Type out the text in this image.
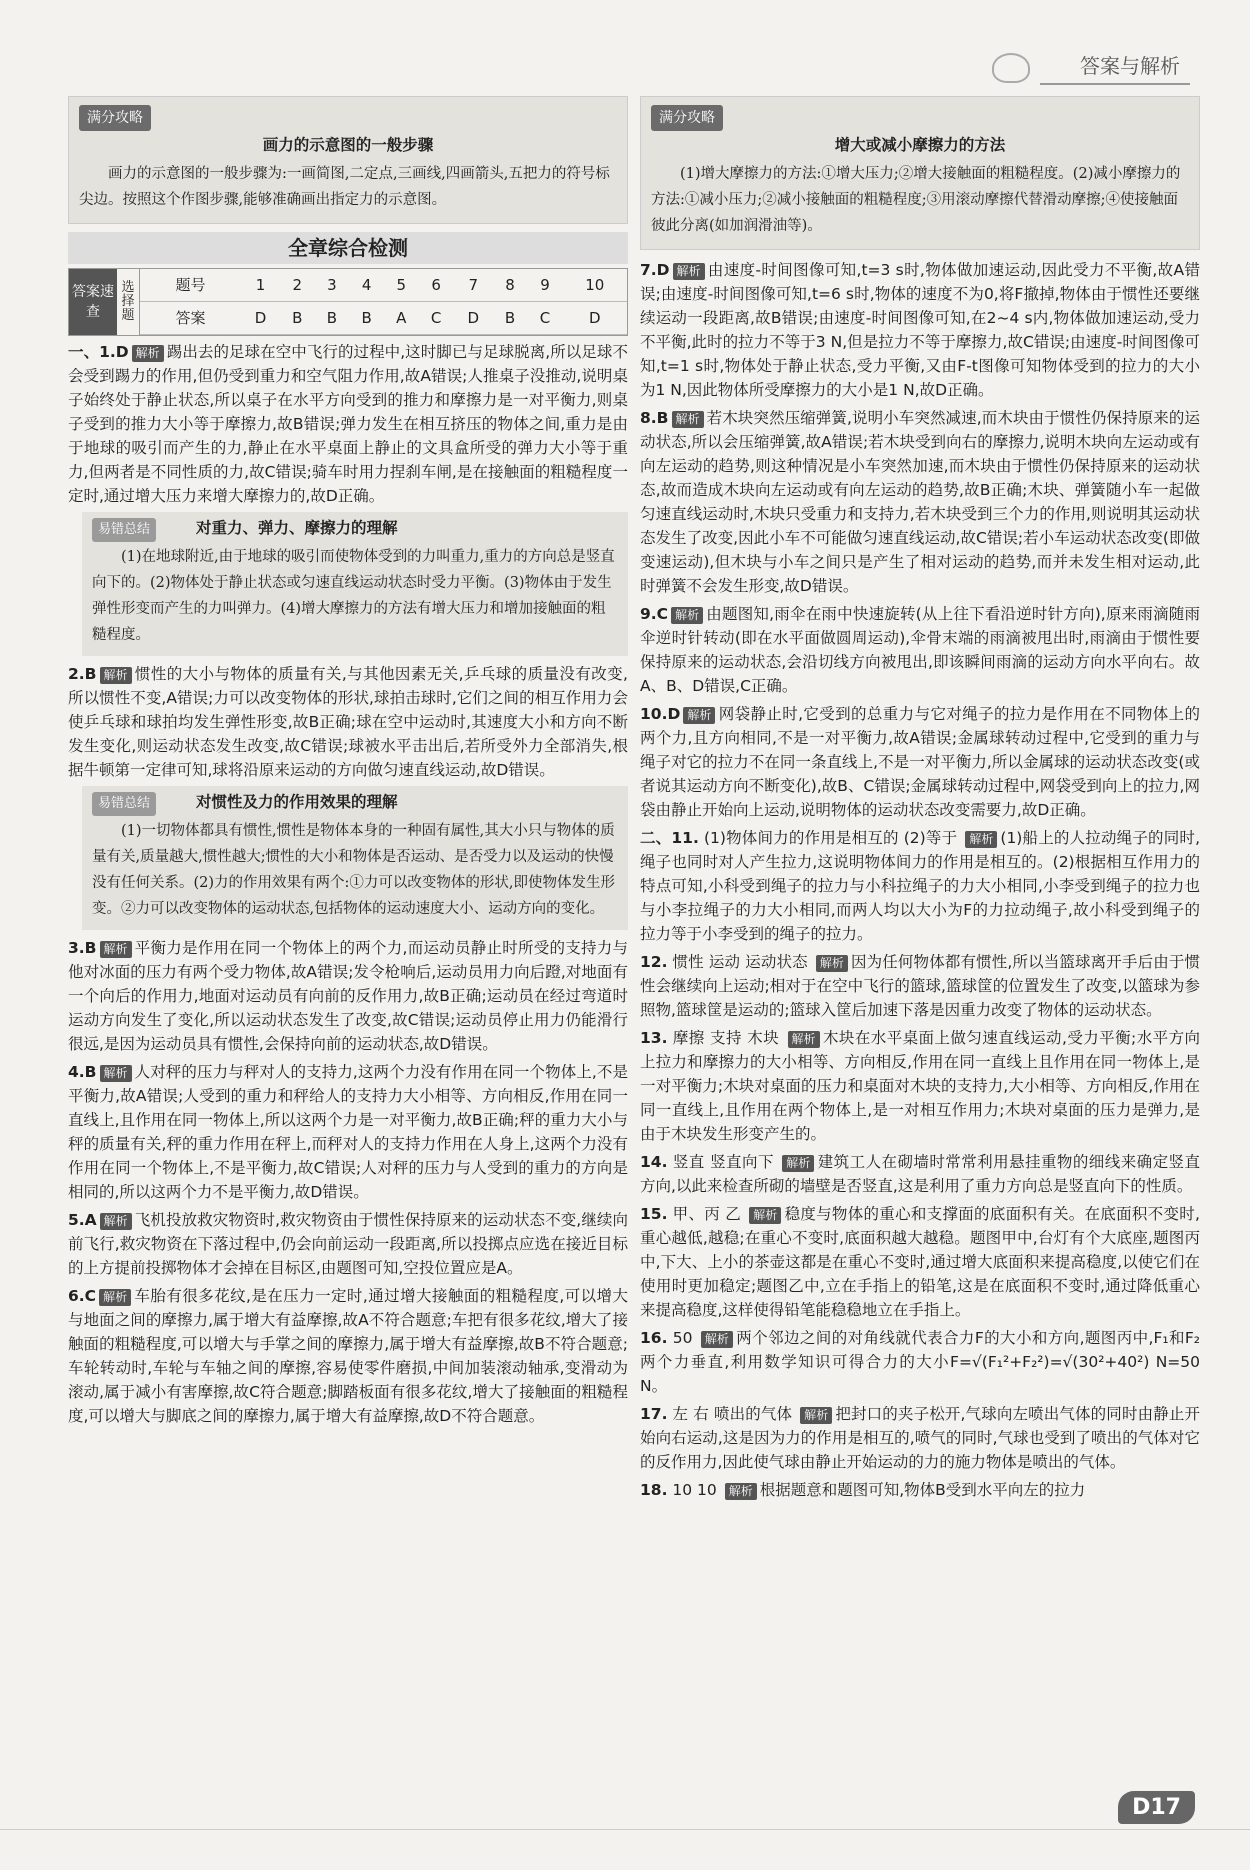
答案与解析
满分攻略

画力的示意图的一般步骤

画力的示意图的一般步骤为:一画简图,二定点,三画线,四画箭头,五把力的符号标尖边。按照这个作图步骤,能够准确画出指定力的示意图。

全章综合检测
答案速查
选择题
题号	1	2	3	4	5	6	7	8	9	10
答案	D	B	B	B	A	C	D	B	C	D

一、1.D 解析 踢出去的足球在空中飞行的过程中,这时脚已与足球脱离,所以足球不会受到踢力的作用,但仍受到重力和空气阻力作用,故A错误;人推桌子没推动,说明桌子始终处于静止状态,所以桌子在水平方向受到的推力和摩擦力是一对平衡力,则桌子受到的推力大小等于摩擦力,故B错误;弹力发生在相互挤压的物体之间,重力是由于地球的吸引而产生的力,静止在水平桌面上静止的文具盒所受的弹力大小等于重力,但两者是不同性质的力,故C错误;骑车时用力捏刹车闸,是在接触面的粗糙程度一定时,通过增大压力来增大摩擦力的,故D正确。

易错总结	对重力、弹力、摩擦力的理解

(1)在地球附近,由于地球的吸引而使物体受到的力叫重力,重力的方向总是竖直向下的。(2)物体处于静止状态或匀速直线运动状态时受力平衡。(3)物体由于发生弹性形变而产生的力叫弹力。(4)增大摩擦力的方法有增大压力和增加接触面的粗糙程度。

2.B 解析 惯性的大小与物体的质量有关,与其他因素无关,乒乓球的质量没有改变,所以惯性不变,A错误;力可以改变物体的形状,球拍击球时,它们之间的相互作用力会使乒乓球和球拍均发生弹性形变,故B正确;球在空中运动时,其速度大小和方向不断发生变化,则运动状态发生改变,故C错误;球被水平击出后,若所受外力全部消失,根据牛顿第一定律可知,球将沿原来运动的方向做匀速直线运动,故D错误。

易错总结	对惯性及力的作用效果的理解

(1)一切物体都具有惯性,惯性是物体本身的一种固有属性,其大小只与物体的质量有关,质量越大,惯性越大;惯性的大小和物体是否运动、是否受力以及运动的快慢没有任何关系。(2)力的作用效果有两个:①力可以改变物体的形状,即使物体发生形变。②力可以改变物体的运动状态,包括物体的运动速度大小、运动方向的变化。

3.B 解析 平衡力是作用在同一个物体上的两个力,而运动员静止时所受的支持力与他对冰面的压力有两个受力物体,故A错误;发令枪响后,运动员用力向后蹬,对地面有一个向后的作用力,地面对运动员有向前的反作用力,故B正确;运动员在经过弯道时运动方向发生了变化,所以运动状态发生了改变,故C错误;运动员停止用力仍能滑行很远,是因为运动员具有惯性,会保持向前的运动状态,故D错误。

4.B 解析 人对秤的压力与秤对人的支持力,这两个力没有作用在同一个物体上,不是平衡力,故A错误;人受到的重力和秤给人的支持力大小相等、方向相反,作用在同一直线上,且作用在同一物体上,所以这两个力是一对平衡力,故B正确;秤的重力大小与秤的质量有关,秤的重力作用在秤上,而秤对人的支持力作用在人身上,这两个力没有作用在同一个物体上,不是平衡力,故C错误;人对秤的压力与人受到的重力的方向是相同的,所以这两个力不是平衡力,故D错误。

5.A 解析 飞机投放救灾物资时,救灾物资由于惯性保持原来的运动状态不变,继续向前飞行,救灾物资在下落过程中,仍会向前运动一段距离,所以投掷点应选在接近目标的上方提前投掷物体才会掉在目标区,由题图可知,空投位置应是A。

6.C 解析 车胎有很多花纹,是在压力一定时,通过增大接触面的粗糙程度,可以增大与地面之间的摩擦力,属于增大有益摩擦,故A不符合题意;车把有很多花纹,增大了接触面的粗糙程度,可以增大与手掌之间的摩擦力,属于增大有益摩擦,故B不符合题意;车轮转动时,车轮与车轴之间的摩擦,容易使零件磨损,中间加装滚动轴承,变滑动为滚动,属于减小有害摩擦,故C符合题意;脚踏板面有很多花纹,增大了接触面的粗糙程度,可以增大与脚底之间的摩擦力,属于增大有益摩擦,故D不符合题意。

满分攻略

增大或减小摩擦力的方法

(1)增大摩擦力的方法:①增大压力;②增大接触面的粗糙程度。(2)减小摩擦力的方法:①减小压力;②减小接触面的粗糙程度;③用滚动摩擦代替滑动摩擦;④使接触面彼此分离(如加润滑油等)。

7.D 解析 由速度-时间图像可知,t=3 s时,物体做加速运动,因此受力不平衡,故A错误;由速度-时间图像可知,t=6 s时,物体的速度不为0,将F撤掉,物体由于惯性还要继续运动一段距离,故B错误;由速度-时间图像可知,在2~4 s内,物体做加速运动,受力不平衡,此时的拉力不等于3 N,但是拉力不等于摩擦力,故C错误;由速度-时间图像可知,t=1 s时,物体处于静止状态,受力平衡,又由F-t图像可知物体受到的拉力的大小为1 N,因此物体所受摩擦力的大小是1 N,故D正确。

8.B 解析 若木块突然压缩弹簧,说明小车突然减速,而木块由于惯性仍保持原来的运动状态,所以会压缩弹簧,故A错误;若木块受到向右的摩擦力,说明木块向左运动或有向左运动的趋势,则这种情况是小车突然加速,而木块由于惯性仍保持原来的运动状态,故而造成木块向左运动或有向左运动的趋势,故B正确;木块、弹簧随小车一起做匀速直线运动时,木块只受重力和支持力,若木块受到三个力的作用,则说明其运动状态发生了改变,因此小车不可能做匀速直线运动,故C错误;若小车运动状态改变(即做变速运动),但木块与小车之间只是产生了相对运动的趋势,而并未发生相对运动,此时弹簧不会发生形变,故D错误。

9.C 解析 由题图知,雨伞在雨中快速旋转(从上往下看沿逆时针方向),原来雨滴随雨伞逆时针转动(即在水平面做圆周运动),伞骨末端的雨滴被甩出时,雨滴由于惯性要保持原来的运动状态,会沿切线方向被甩出,即该瞬间雨滴的运动方向水平向右。故A、B、D错误,C正确。

10.D 解析 网袋静止时,它受到的总重力与它对绳子的拉力是作用在不同物体上的两个力,且方向相同,不是一对平衡力,故A错误;金属球转动过程中,它受到的重力与绳子对它的拉力不在同一条直线上,不是一对平衡力,所以金属球的运动状态改变(或者说其运动方向不断变化),故B、C错误;金属球转动过程中,网袋受到向上的拉力,网袋由静止开始向上运动,说明物体的运动状态改变需要力,故D正确。

二、11. (1)物体间力的作用是相互的 (2)等于 解析 (1)船上的人拉动绳子的同时,绳子也同时对人产生拉力,这说明物体间力的作用是相互的。(2)根据相互作用力的特点可知,小科受到绳子的拉力与小科拉绳子的力大小相同,小李受到绳子的拉力也与小李拉绳子的力大小相同,而两人均以大小为F的力拉动绳子,故小科受到绳子的拉力等于小李受到的绳子的拉力。

12. 惯性 运动 运动状态 解析 因为任何物体都有惯性,所以当篮球离开手后由于惯性会继续向上运动;相对于在空中飞行的篮球,篮球筐的位置发生了改变,以篮球为参照物,篮球筐是运动的;篮球入筐后加速下落是因重力改变了物体的运动状态。

13. 摩擦 支持 木块 解析 木块在水平桌面上做匀速直线运动,受力平衡;水平方向上拉力和摩擦力的大小相等、方向相反,作用在同一直线上且作用在同一物体上,是一对平衡力;木块对桌面的压力和桌面对木块的支持力,大小相等、方向相反,作用在同一直线上,且作用在两个物体上,是一对相互作用力;木块对桌面的压力是弹力,是由于木块发生形变产生的。

14. 竖直 竖直向下 解析 建筑工人在砌墙时常常利用悬挂重物的细线来确定竖直方向,以此来检查所砌的墙壁是否竖直,这是利用了重力方向总是竖直向下的性质。

15. 甲、丙 乙 解析 稳度与物体的重心和支撑面的底面积有关。在底面积不变时,重心越低,越稳;在重心不变时,底面积越大越稳。题图甲中,台灯有个大底座,题图丙中,下大、上小的茶壶这都是在重心不变时,通过增大底面积来提高稳度,以使它们在使用时更加稳定;题图乙中,立在手指上的铅笔,这是在底面积不变时,通过降低重心来提高稳度,这样使得铅笔能稳稳地立在手指上。

16. 50 解析 两个邻边之间的对角线就代表合力F的大小和方向,题图丙中,F₁和F₂两个力垂直,利用数学知识可得合力的大小F=√(F₁²+F₂²)=√(30²+40²) N=50 N。

17. 左 右 喷出的气体 解析 把封口的夹子松开,气球向左喷出气体的同时由静止开始向右运动,这是因为力的作用是相互的,喷气的同时,气球也受到了喷出的气体对它的反作用力,因此使气球由静止开始运动的力的施力物体是喷出的气体。

18. 10 10 解析 根据题意和题图可知,物体B受到水平向左的拉力

D17
